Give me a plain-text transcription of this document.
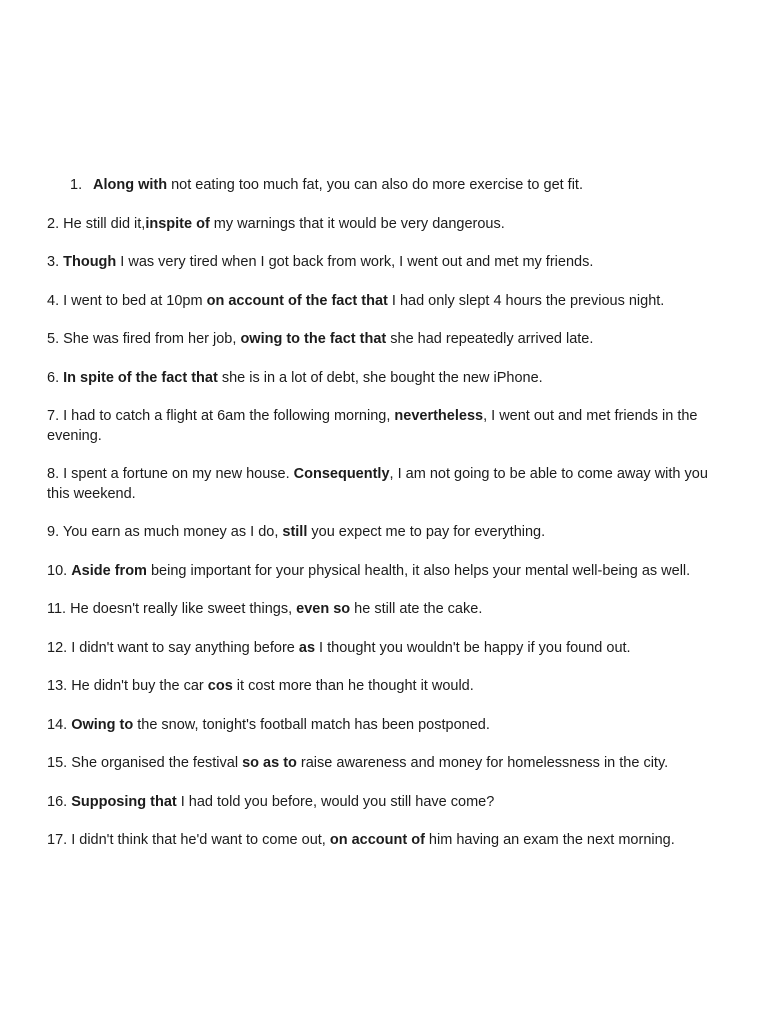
1. Along with not eating too much fat, you can also do more exercise to get fit.
2. He still did it,inspite of my warnings that it would be very dangerous.
3. Though I was very tired when I got back from work, I went out and met my friends.
4. I went to bed at 10pm on account of the fact that I had only slept 4 hours the previous night.
5. She was fired from her job, owing to the fact that she had repeatedly arrived late.
6. In spite of the fact that she is in a lot of debt, she bought the new iPhone.
7. I had to catch a flight at 6am the following morning, nevertheless, I went out and met friends in the evening.
8. I spent a fortune on my new house. Consequently, I am not going to be able to come away with you this weekend.
9. You earn as much money as I do, still you expect me to pay for everything.
10. Aside from being important for your physical health, it also helps your mental well-being as well.
11. He doesn't really like sweet things, even so he still ate the cake.
12. I didn't want to say anything before as I thought you wouldn't be happy if you found out.
13. He didn't buy the car cos it cost more than he thought it would.
14. Owing to the snow, tonight's football match has been postponed.
15. She organised the festival so as to raise awareness and money for homelessness in the city.
16. Supposing that I had told you before, would you still have come?
17. I didn't think that he'd want to come out, on account of him having an exam the next morning.
